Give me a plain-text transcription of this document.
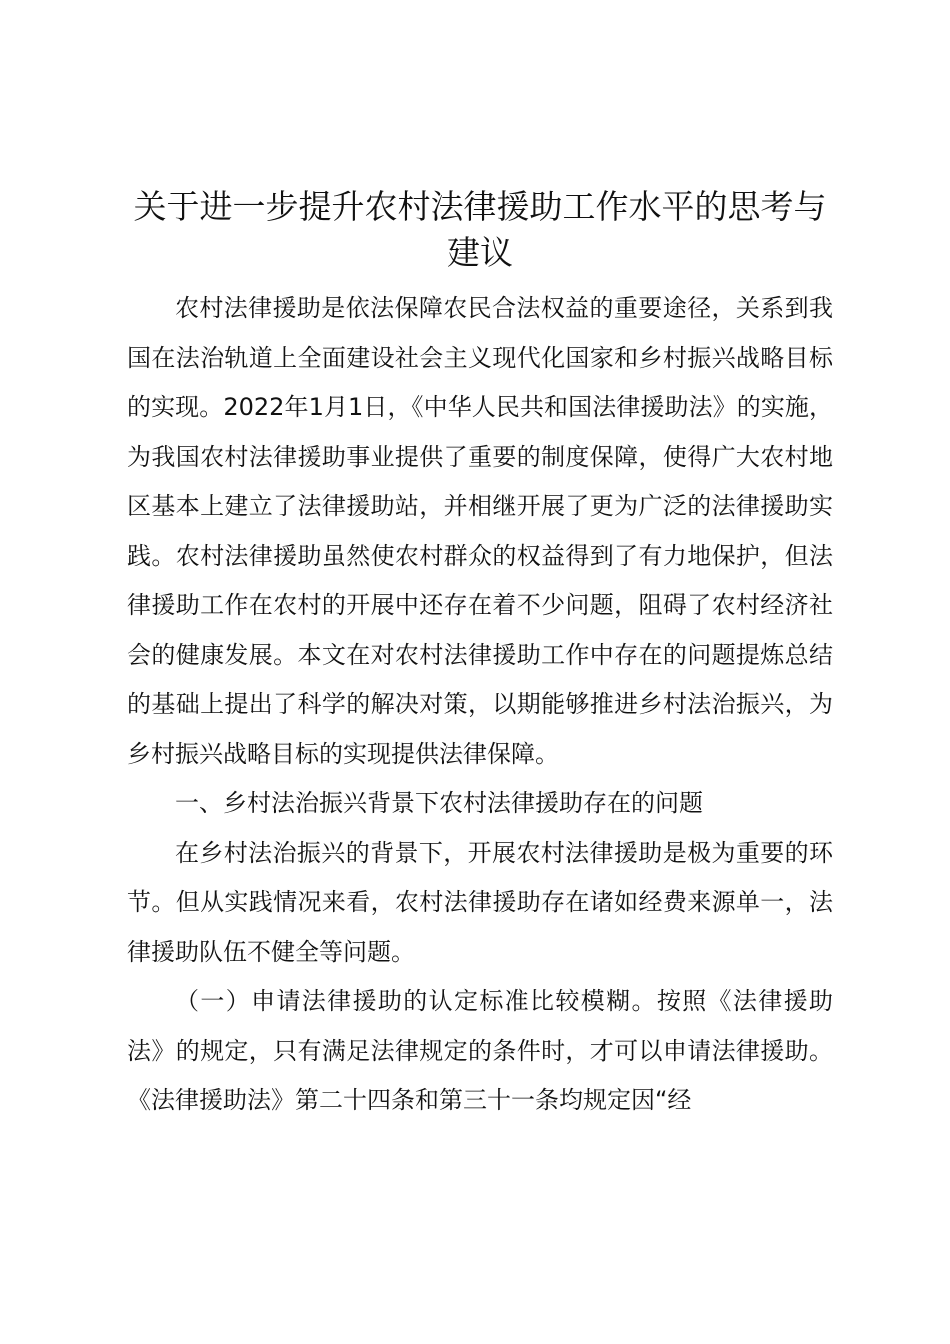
关于进一步提升农村法律援助工作水平的思考与建议

农村法律援助是依法保障农民合法权益的重要途径，关系到我国在法治轨道上全面建设社会主义现代化国家和乡村振兴战略目标的实现。2022年1月1日，《中华人民共和国法律援助法》的实施，为我国农村法律援助事业提供了重要的制度保障，使得广大农村地区基本上建立了法律援助站，并相继开展了更为广泛的法律援助实践。农村法律援助虽然使农村群众的权益得到了有力地保护，但法律援助工作在农村的开展中还存在着不少问题，阻碍了农村经济社会的健康发展。本文在对农村法律援助工作中存在的问题提炼总结的基础上提出了科学的解决对策，以期能够推进乡村法治振兴，为乡村振兴战略目标的实现提供法律保障。

一、乡村法治振兴背景下农村法律援助存在的问题

在乡村法治振兴的背景下，开展农村法律援助是极为重要的环节。但从实践情况来看，农村法律援助存在诸如经费来源单一，法律援助队伍不健全等问题。

（一）申请法律援助的认定标准比较模糊。按照《法律援助法》的规定，只有满足法律规定的条件时，才可以申请法律援助。《法律援助法》第二十四条和第三十一条均规定因“经
